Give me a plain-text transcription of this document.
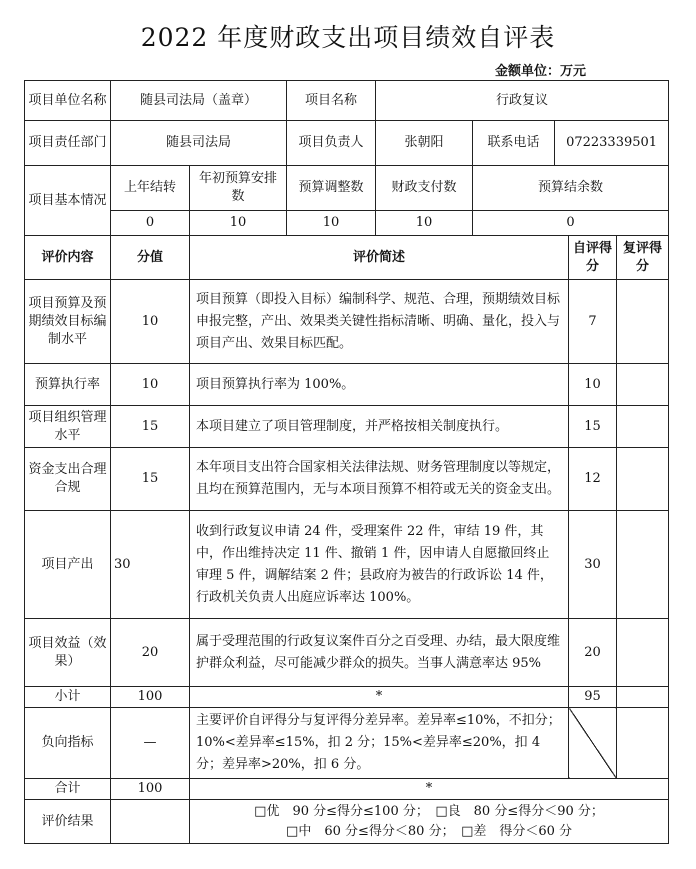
2022 年度财政支出项目绩效自评表
金额单位：万元
项目单位名称	随县司法局（盖章）		项目名称	行政复议				
项目责任部门	随县司法局		项目负责人	张朝阳	联系电话	07223339501		
项目基本情况	上年结转	年初预算安排数	预算调整数	财政支付数	预算结余数			
	0	10	10	10	0			
评价内容	分值	评价简述					自评得分	复评得分
项目预算及预期绩效目标编制水平	10	项目预算（即投入目标）编制科学、规范、合理，预期绩效目标申报完整，产出、效果类关键性指标清晰、明确、量化，投入与项目产出、效果目标匹配。					7	
预算执行率	10	项目预算执行率为 100%。					10	
项目组织管理水平	15	本项目建立了项目管理制度，并严格按相关制度执行。					15	
资金支出合理合规	15	本年项目支出符合国家相关法律法规、财务管理制度以等规定，且均在预算范围内，无与本项目预算不相符或无关的资金支出。					12	
项目产出	30	收到行政复议申请 24 件，受理案件 22 件，审结 19 件，其中，作出维持决定 11 件、撤销 1 件，因申请人自愿撤回终止审理 5 件，调解结案 2 件；县政府为被告的行政诉讼 14 件，行政机关负责人出庭应诉率达 100%。					30	
项目效益（效果）	20	属于受理范围的行政复议案件百分之百受理、办结，最大限度维护群众利益，尽可能减少群众的损失。当事人满意率达 95%					20	
小计	100	*					95	
负向指标	—	主要评价自评得分与复评得分差异率。差异率≤10%，不扣分；10%<差异率≤15%，扣 2 分；15%<差异率≤20%，扣 4 分；差异率>20%，扣 6 分。						
合计	100	*						
评价结果		□优　90 分≤得分≤100 分；　□良　80 分≤得分＜90 分；
□中　60 分≤得分＜80 分；　□差　得分＜60 分						
